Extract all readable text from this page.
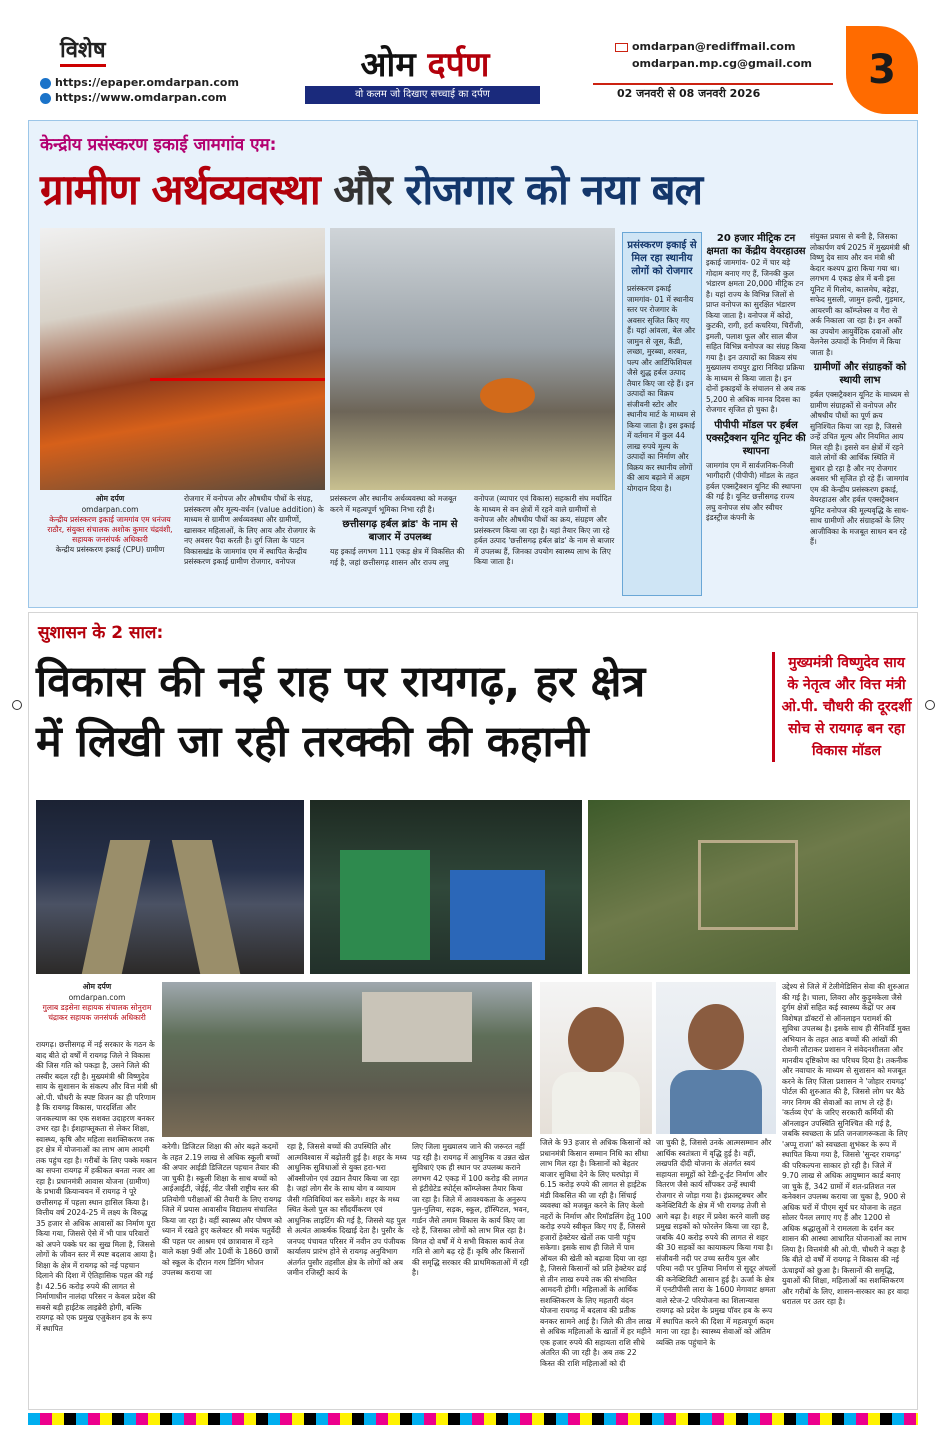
विशेष
https://epaper.omdarpan.com
https://www.omdarpan.com
ओम दर्पण
वो कलम जो दिखाए सच्चाई का दर्पण
omdarpan@rediffmail.com
omdarpan.mp.cg@gmail.com
02 जनवरी से 08 जनवरी 2026
3
केन्द्रीय प्रसंस्करण इकाई जामगांव एम:
ग्रामीण अर्थव्यवस्था और रोजगार को नया बल
ओम दर्पण
omdarpan.com
केन्द्रीय प्रसंस्करण इकाई जामगांव एम धनंजय राठौर, संयुक्त संचालक अशोक कुमार चंद्रवंशी, सहायक जनसंपर्क अधिकारी
केन्द्रीय प्रसंस्करण इकाई (CPU) ग्रामीण
रोजगार में वनोपज और औषधीय पौधों के संग्रह, प्रसंस्करण और मूल्य-वर्धन (value addition) के माध्यम से ग्रामीण अर्थव्यवस्था और ग्रामीणों, खासकर महिलाओं, के लिए आय और रोजगार के नए अवसर पैदा करती है। दुर्ग जिला के पाटन विकासखंड के जामगांव एम में स्थापित केन्द्रीय प्रसंस्करण इकाई ग्रामीण रोजगार, वनोपज
प्रसंस्करण और स्थानीय अर्थव्यवस्था को मजबूत करने में महत्वपूर्ण भूमिका निभा रही है।
छत्तीसगढ़ हर्बल ब्रांड' के नाम से बाजार में उपलब्ध
यह इकाई लगभग 111 एकड़ क्षेत्र में विकसित की गई है, जहां छत्तीसगढ़ शासन और राज्य लघु
वनोपज (व्यापार एवं विकास) सहकारी संघ मर्यादित के माध्यम से वन क्षेत्रों में रहने वाले ग्रामीणों से वनोपज और औषधीय पौधों का क्रय, संग्रहण और प्रसंस्करण किया जा रहा है। यहां तैयार किए जा रहे हर्बल उत्पाद 'छत्तीसगढ़ हर्बल ब्रांड' के नाम से बाजार में उपलब्ध हैं, जिनका उपयोग स्वास्थ्य लाभ के लिए किया जाता है।
प्रसंस्करण इकाई से मिल रहा स्थानीय लोगों को रोजगार
प्रसंस्करण इकाई जामगांव- 01 में स्थानीय स्तर पर रोजगार के अवसर सृजित किए गए हैं। यहां आंवला, बेल और जामुन से जूस, कैंडी, लच्छा, मुरब्बा, शरबत, पल्प और आर्टिफिशियल जैसे शुद्ध हर्बल उत्पाद तैयार किए जा रहे हैं। इन उत्पादों का विक्रय संजीवनी स्टोर और स्थानीय मार्ट के माध्यम से किया जाता है। इस इकाई में वर्तमान में कुल 44 लाख रुपये मूल्य के उत्पादों का निर्माण और विक्रय कर स्थानीय लोगों की आय बढ़ाने में अहम योगदान दिया है।
20 हजार मीट्रिक टन क्षमता का केंद्रीय वेयरहाउस
इकाई जामगांव- 02 में चार बड़े गोदाम बनाए गए हैं, जिनकी कुल भंडारण क्षमता 20,000 मीट्रिक टन है। यहां राज्य के विभिन्न जिलों से प्राप्त वनोपज का सुरक्षित भंडारण किया जाता है। वनोपज में कोदो, कुटकी, रागी, हर्रा कचरिया, चिरौंजी, इमली, पलाश फूल और साल बीज सहित विभिन्न वनोपज का संग्रह किया गया है। इन उत्पादों का विक्रय संघ मुख्यालय रायपुर द्वारा निविदा प्रक्रिया के माध्यम से किया जाता है। इन दोनों इकाइयों के संचालन से अब तक 5,200 से अधिक मानव दिवस का रोजगार सृजित हो चुका है।
पीपीपी मॉडल पर हर्बल एक्सट्रैक्शन यूनिट यूनिट की स्थापना
जामगांव एम में सार्वजनिक-निजी भागीदारी (पीपीपी) मॉडल के तहत हर्बल एक्सट्रैक्शन यूनिट की स्थापना की गई है। यूनिट छत्तीसगढ़ राज्य लघु वनोपज संघ और स्वीचर इंडस्ट्रीज कंपनी के
संयुक्त प्रयास से बनी है, जिसका लोकार्पण वर्ष 2025 में मुख्यमंत्री श्री विष्णु देव साय और वन मंत्री श्री केदार कश्यप द्वारा किया गया था। लगभग 4 एकड़ क्षेत्र में बनी इस यूनिट में गिलोय, कालमेघ, बहेड़ा, सफेद मुसली, जामुन हल्दी, गुड़मार, आयरणी का कॉम्प्लेक्स व गैरा से अर्क निकाला जा रहा है। इन अर्कों का उपयोग आयुर्वेदिक दवाओं और वेलनेस उत्पादों के निर्माण में किया जाता है।
ग्रामीणों और संग्राहकों को स्थायी लाभ
हर्बल एक्सट्रैक्शन यूनिट के माध्यम से ग्रामीण संग्राहकों से वनोपज और औषधीय पौधों का पूर्ण क्रय सुनिश्चित किया जा रहा है, जिससे उन्हें उचित मूल्य और नियमित आय मिल रही है। इससे वन क्षेत्रों में रहने वाले लोगों की आर्थिक स्थिति में सुधार हो रहा है और नए रोजगार अवसर भी सृजित हो रहे हैं। जामगांव एम की केन्द्रीय प्रसंस्करण इकाई, वेयरहाउस और हर्बल एक्सट्रैक्शन यूनिट वनोपज की मूल्यवृद्धि के साथ-साथ ग्रामीणों और संग्राहकों के लिए आजीविका के मजबूत साधन बन रहे हैं।
सुशासन के 2 साल:
विकास की नई राह पर रायगढ़, हर क्षेत्र
में लिखी जा रही तरक्की की कहानी
मुख्यमंत्री विष्णुदेव साय के नेतृत्व और वित्त मंत्री ओ.पी. चौधरी की दूरदर्शी सोच से रायगढ़ बन रहा विकास मॉडल
ओम दर्पण
omdarpan.com
गुलाब डड़सेना सहायक संचालक सोनुराम चंद्राकर सहायक जनसंपर्क अधिकारी
रायगढ़। छत्तीसगढ़ में नई सरकार के गठन के बाद बीते दो वर्षों में रायगढ़ जिले ने विकास की जिस गति को पकड़ा है, उसने जिले की तस्वीर बदल रही है। मुख्यमंत्री श्री विष्णुदेव साय के सुशासन के संकल्प और वित्त मंत्री श्री ओ.पी. चौधरी के स्पष्ट विजन का ही परिणाम है कि रायगढ़ विकास, पारदर्शिता और जनकल्याण का एक सशक्त उदाहरण बनकर उभर रहा है। ईशहाफ्तूकता से लेकर शिक्षा, स्वास्थ्य, कृषि और महिला सशक्तिकरण तक हर क्षेत्र में योजनाओं का लाभ आम आदमी तक पहुंच रहा है। गरीबों के लिए पक्के मकान का सपना रायगढ़ में हकीकत बनता नजर आ रहा है। प्रधानमंत्री आवास योजना (ग्रामीण) के प्रभावी क्रियान्वयन में रायगढ़ ने पूरे छत्तीसगढ़ में पहला स्थान हासिल किया है। वित्तीय वर्ष 2024-25 में लक्ष्य के विरुद्ध 35 हजार से अधिक आवासों का निर्माण पूरा किया गया, जिससे ऐसे में भी पात्र परिवारों को अपने पक्के घर का सुख मिला है, जिससे लोगों के जीवन स्तर में स्पष्ट बदलाव आया है। शिक्षा के क्षेत्र में रायगढ़ को नई पहचान दिलाने की दिशा में ऐतिहासिक पहल की गई है। 42.56 करोड़ रुपये की लागत से निर्माणाधीन नालंदा परिसर न केवल प्रदेश की सबसे बड़ी हाईटेक लाइब्रेरी होगी, बल्कि रायगढ़ को एक प्रमुख एजुकेशन हब के रूप में स्थापित
करेगी। डिजिटल शिक्षा की ओर बढ़ते कदमों के तहत 2.19 लाख से अधिक स्कूली बच्चों की अपार आईडी डिजिटल पहचान तैयार की जा चुकी है। स्कूली शिक्षा के साथ बच्चों को आईआईटी, जेईई, नीट जैसी राष्ट्रीय स्तर की प्रतियोगी परीक्षाओं की तैयारी के लिए रायगढ़ जिले में प्रयास आवासीय विद्यालय संचालित किया जा रहा है। वहीं स्वास्थ्य और पोषण को ध्यान में रखते हुए कलेक्टर श्री मयंक चतुर्वेदी की पहल पर आश्रम एवं छात्रावास में रहने वाले कक्षा 9वीं और 10वीं के 1860 छात्रों को स्कूल के दौरान गरम डिनिंग भोजन उपलब्ध कराया जा
रहा है, जिससे बच्चों की उपस्थिति और आत्मविश्वास में बढ़ोतरी हुई है। शहर के मध्य आधुनिक सुविधाओं से युक्त हरा-भरा ऑक्सीजोन एवं उद्यान तैयार किया जा रहा है। जहां लोग सैर के साथ योग व व्यायाम जैसी गतिविधियां कर सकेंगे। शहर के मध्य स्थित केलो पुल का सौंदर्यीकरण एवं आधुनिक लाइटिंग की गई है, जिससे यह पुल से अत्यंत आकर्षक दिखाई देता है। पुसौर के जनपद पंचायत परिसर में नवीन उप पंजीयक कार्यालय प्रारंभ होने से रायगढ़ अनुविभाग अंतर्गत पुसौर तहसील क्षेत्र के लोगों को अब जमीन रजिस्ट्री कार्य के
लिए जिला मुख्यालय जाने की जरूरत नहीं पड़ रही है। रायगढ़ में आधुनिक व उन्नत खेल सुविधाएं एक ही स्थान पर उपलब्ध कराने लगभग 42 एकड़ में 100 करोड़ की लागत से इंटीग्रेटेड स्पोर्ट्स कॉम्प्लेक्स तैयार किया जा रहा है। जिले में आवश्यकता के अनुरूप पुल-पुलिया, सड़क, स्कूल, हॉस्पिटल, भवन, गार्डन जैसे तमाम विकास के कार्य किए जा रहे हैं, जिसका लोगों को लाभ मिल रहा है। विगत दो वर्षों में ये सभी विकास कार्य तेज गति से आगे बढ़ रहे हैं। कृषि और किसानों की समृद्धि सरकार की प्राथमिकताओं में रही है।
जिले के 93 हजार से अधिक किसानों को प्रधानमंत्री किसान सम्मान निधि का सीधा लाभ मिल रहा है। किसानों को बेहतर बाजार सुविधा देने के लिए घरघोड़ा में 6.15 करोड़ रुपये की लागत से हाईटेक मंडी विकसित की जा रही है। सिंचाई व्यवस्था को मजबूत करने के लिए केलो नहरों के निर्माण और रिमॉडलिंग हेतु 100 करोड़ रुपये स्वीकृत किए गए हैं, जिससे हजारों हेक्टेयर खेतों तक पानी पहुंच सकेगा। इसके साथ ही जिले में पाम ऑयल की खेती को बढ़ावा दिया जा रहा है, जिससे किसानों को प्रति हेक्टेयर ढाई से तीन लाख रुपये तक की संभावित आमदनी होगी। महिलाओं के आर्थिक सशक्तिकरण के लिए महतारी वंदन योजना रायगढ़ में बदलाव की प्रतीक बनकर सामने आई है। जिले की तीन लाख से अधिक महिलाओं के खातों में हर महीने एक हजार रुपये की सहायता राशि सीधे अंतरित की जा रही है। अब तक 22 किस्त की राशि महिलाओं को दी
जा चुकी है, जिससे उनके आत्मसम्मान और आर्थिक स्वतंत्रता में वृद्धि हुई है। वहीं, लखपति दीदी योजना के अंतर्गत स्वयं सहायता समूहों को रेडी-टू-ईट निर्माण और वितरण जैसे कार्य सौंपकर उन्हें स्थायी रोजगार से जोड़ा गया है। इंफ्रास्ट्रक्चर और कनेक्टिविटी के क्षेत्र में भी रायगढ़ तेजी से आगे बढ़ा है। शहर में प्रवेश करने वाली छह प्रमुख सड़कों को फोरलेन किया जा रहा है, जबकि 40 करोड़ रुपये की लागत से शहर की 30 सड़कों का कायाकल्प किया गया है। संजीवनी नदी पर उच्च स्तरीय पुल और परिया नदी पर पुलिया निर्माण से सुदूर अंचलों की कनेक्टिविटी आसान हुई है। ऊर्जा के क्षेत्र में एनटीपीसी लारा के 1600 मेगावाट क्षमता वाले स्टेज-2 परियोजना का शिलान्यास रायगढ़ को प्रदेश के प्रमुख पॉवर हब के रूप में स्थापित करने की दिशा में महत्वपूर्ण कदम माना जा रहा है। स्वास्थ्य सेवाओं को अंतिम व्यक्ति तक पहुंचाने के
उद्देश्य से जिले में टेलीमेडिसिन सेवा की शुरुआत की गई है। चाला, लिवरा और कुड़ुमकेला जैसे दुर्गम क्षेत्रों सहित कई स्वास्थ्य केंद्रों पर अब विशेषज्ञ डॉक्टरों से ऑनलाइन परामर्श की सुविधा उपलब्ध है। इसके साथ ही सैनिवर्डि मुक्त अभियान के तहत आठ बच्चों की आंखों की रोशनी लौटाकर प्रशासन ने संवेदनशीलता और मानवीय दृष्टिकोण का परिचय दिया है। तकनीक और नवाचार के माध्यम से सुशासन को मजबूत करने के लिए जिला प्रशासन ने 'जोहार रायगढ़' पोर्टल की शुरुआत की है, जिससे लोग घर बैठे नगर निगम की सेवाओं का लाभ ले रहे हैं। 'कर्तव्य ऐप' के जरिए सरकारी कर्मियों की ऑनलाइन उपस्थिति सुनिश्चित की गई है, जबकि स्वच्छता के प्रति जनजागरूकता के लिए 'अप्पू राजा' को स्वच्छता शुभंकर के रूप में स्थापित किया गया है, जिससे 'सुन्दर रायगढ़' की परिकल्पना साकार हो रही है। जिले में 9.70 लाख से अधिक आयुष्मान कार्ड बनाए जा चुके हैं, 342 ग्रामों में शत-प्रतिशत नल कनेक्शन उपलब्ध कराया जा चुका है, 900 से अधिक घरों में पीएम सूर्य घर योजना के तहत सोलर पैनल लगाए गए हैं और 1200 से अधिक श्रद्धालुओं ने रामलला के दर्शन कर शासन की आस्था आधारित योजनाओं का लाभ लिया है। वित्तमंत्री श्री ओ.पी. चौधरी ने कहा है कि बीते दो वर्षों में रायगढ़ ने विकास की नई ऊंचाइयों को छुआ है। किसानों की समृद्धि, युवाओं की शिक्षा, महिलाओं का सशक्तिकरण और गरीबों के लिए, शासन-सरकार का हर वादा धरातल पर उतर रहा है।
